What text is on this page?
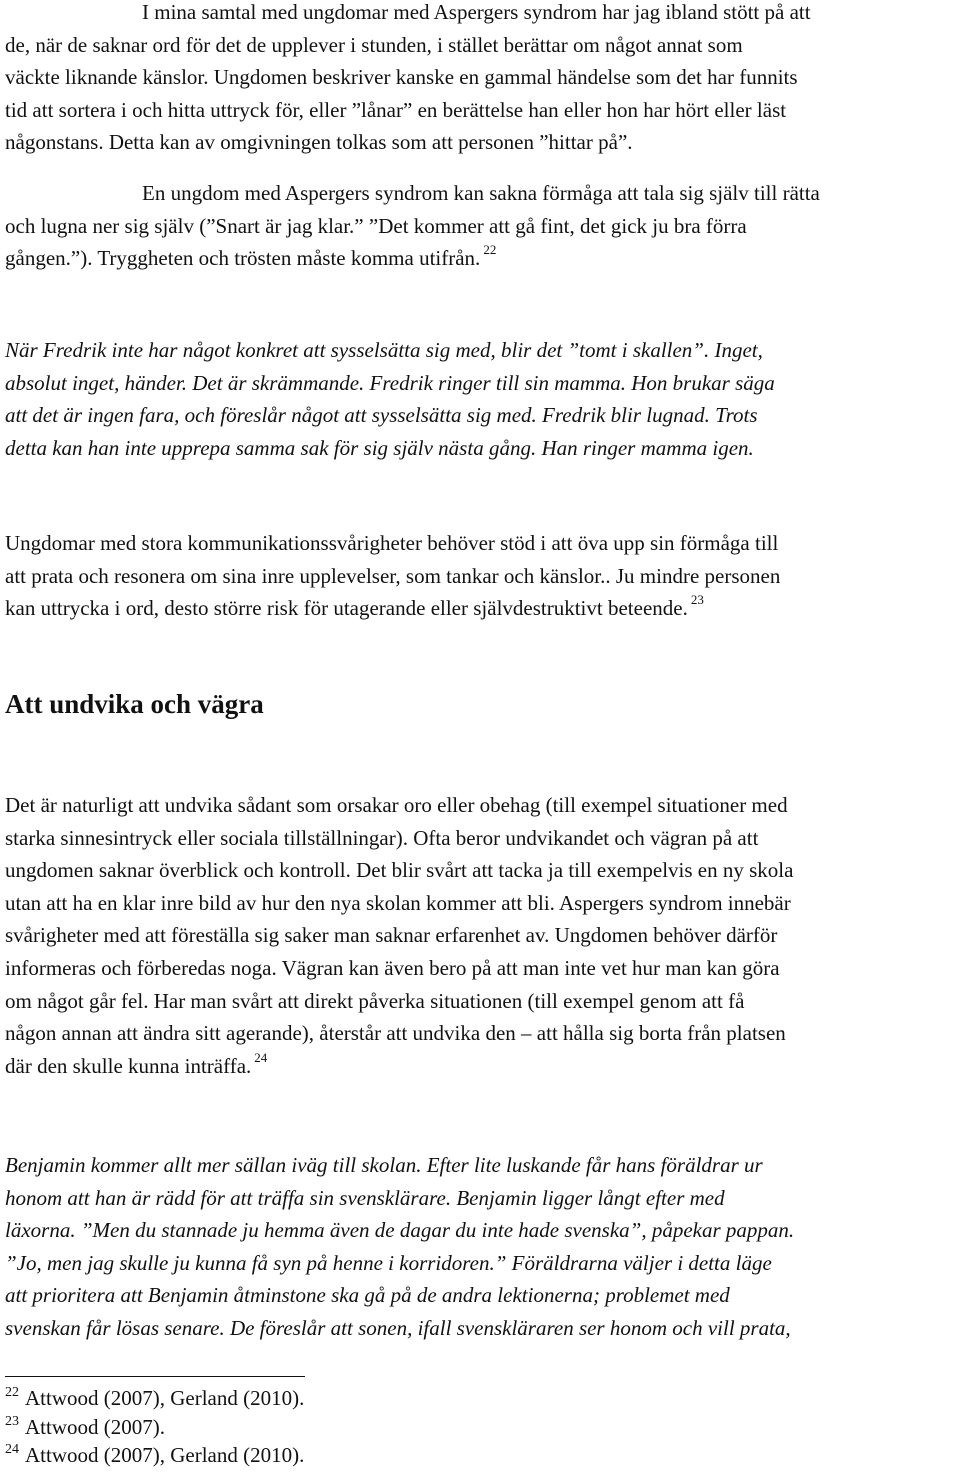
I mina samtal med ungdomar med Aspergers syndrom har jag ibland stött på att
de, när de saknar ord för det de upplever i stunden, i stället berättar om något annat som
väckte liknande känslor. Ungdomen beskriver kanske en gammal händelse som det har funnits
tid att sortera i och hitta uttryck för, eller ”lånar” en berättelse han eller hon har hört eller läst
någonstans. Detta kan av omgivningen tolkas som att personen ”hittar på”.
En ungdom med Aspergers syndrom kan sakna förmåga att tala sig själv till rätta
och lugna ner sig själv (”Snart är jag klar.” ”Det kommer att gå fint, det gick ju bra förra
gången.”). Tryggheten och trösten måste komma utifrån. $^{22}$
När Fredrik inte har något konkret att sysselsätta sig med, blir det ”tomt i skallen”. Inget,
absolut inget, händer. Det är skrämmande. Fredrik ringer till sin mamma. Hon brukar säga
att det är ingen fara, och föreslår något att sysselsätta sig med. Fredrik blir lugnad. Trots
detta kan han inte upprepa samma sak för sig själv nästa gång. Han ringer mamma igen.
Ungdomar med stora kommunikationssvårigheter behöver stöd i att öva upp sin förmåga till
att prata och resonera om sina inre upplevelser, som tankar och känslor.. Ju mindre personen
kan uttrycka i ord, desto större risk för utagerande eller självdestruktivt beteende. $^{23}$
Att undvika och vägra
Det är naturligt att undvika sådant som orsakar oro eller obehag (till exempel situationer med
starka sinnesintryck eller sociala tillställningar). Ofta beror undvikandet och vägran på att
ungdomen saknar överblick och kontroll. Det blir svårt att tacka ja till exempelvis en ny skola
utan att ha en klar inre bild av hur den nya skolan kommer att bli. Aspergers syndrom innebär
svårigheter med att föreställa sig saker man saknar erfarenhet av. Ungdomen behöver därför
informeras och förberedas noga. Vägran kan även bero på att man inte vet hur man kan göra
om något går fel. Har man svårt att direkt påverka situationen (till exempel genom att få
någon annan att ändra sitt agerande), återstår att undvika den – att hålla sig borta från platsen
där den skulle kunna inträffa. $^{24}$
Benjamin kommer allt mer sällan iväg till skolan. Efter lite luskande får hans föräldrar ur
honom att han är rädd för att träffa sin svensklärare. Benjamin ligger långt efter med
läxorna. ”Men du stannade ju hemma även de dagar du inte hade svenska”, påpekar pappan.
”Jo, men jag skulle ju kunna få syn på henne i korridoren.” Föräldrarna väljer i detta läge
att prioritera att Benjamin åtminstone ska gå på de andra lektionerna; problemet med
svenskan får lösas senare. De föreslår att sonen, ifall svenskläraren ser honom och vill prata,
$^{22}$ Attwood (2007), Gerland (2010).
$^{23}$ Attwood (2007).
$^{24}$ Attwood (2007), Gerland (2010).
